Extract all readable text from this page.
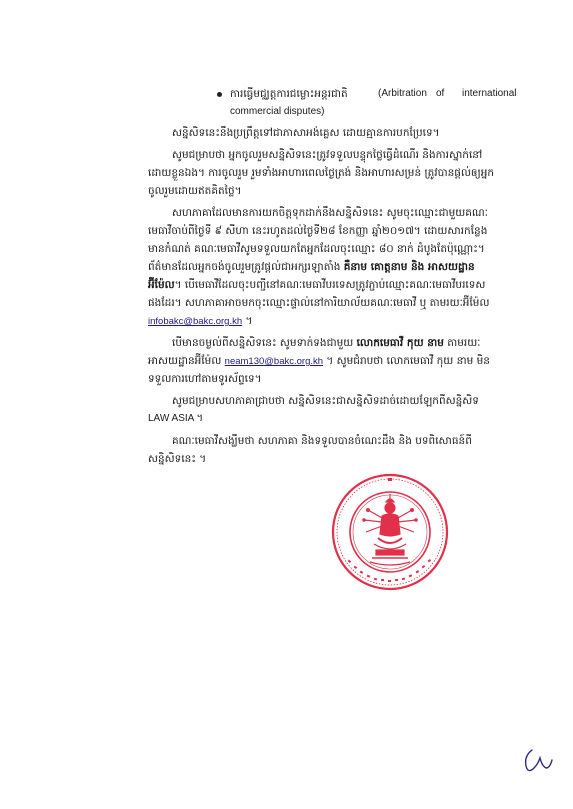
ការធ្វើមជ្ឈត្តការជម្លោះអន្តរជាតិ	(Arbitration of international
commercial disputes)
សន្និសិទនេះនឹងប្រព្រឹត្តទៅជាភាសាអង់គ្លេស ដោយគ្មានការបកប្រែទេ។
សូមជម្រាបថា អ្នកចូលរួមសន្និសិទនេះត្រូវទទួលបន្ទុកថ្លៃធ្វើដំណើរ និងការស្នាក់នៅ
ដោយខ្លួនឯង។ ការចូលរួម រួមទាំងអាហារពេលថ្ងៃត្រង់ និងអាហារសម្រន់ ត្រូវបានផ្តល់ឲ្យអ្នក
ចូលរួមដោយឥតគិតថ្លៃ។
សហភាគាដែលមានការយកចិត្តទុកដាក់នឹងសន្និសិទនេះ សូមចុះឈ្មោះជាមួយគណៈ
មេធាវីចាប់ពីថ្ងៃទី ៩ សីហា នេះរហូតដល់ថ្ងៃទី២៨ ខែកញ្ញា ឆ្នាំ២០១៧។ ដោយសារកន្លែង
មានកំណត់ គណៈមេធាវីសូមទទួលយកតែអ្នកដែលចុះឈ្មោះ ៨០ នាក់ ដំបូងតែប៉ុណ្ណោះ។
ព័ត៌មានដែលអ្នកចង់ចូលរួមត្រូវផ្តល់ជាអក្សរឡាតាំង គឺនាម គោត្តនាម និង អាសយដ្ឋាន
អ៊ីម៉ែល។ បើមេធាវីដែលចុះបញ្ជីនៅគណៈមេធាវីបរទេសត្រូវភ្ជាប់ឈ្មោះគណៈមេធាវីបរទេស
ផងដែរ។ សហភាគាអាចមកចុះឈ្មោះផ្ទាល់នៅការិយាល័យគណៈមេធាវី ឬ តាមរយៈអ៊ីម៉ែល
infobakc@bakc.org.kh ។
បើមានចម្ងល់ពីសន្និសិទនេះ សូមទាក់ទងជាមួយ លោកមេធាវី កុយ នាម តាមរយៈ
អាសយដ្ឋានអ៊ីម៉ែល neam130@bakc.org.kh ។ សូមជំរាបថា លោកមេធាវី កុយ នាម មិន
ទទួលការហៅតាមទូរស័ព្ទទេ។
សូមជម្រាបសហភាគាជ្រាបថា សន្និសិទនេះជាសន្និសិទដាច់ដោយឡែកពីសន្និសិទ
LAW ASIA ។
គណៈមេធាវីសង្ឃឹមថា សហភាគា និងទទួលបានចំណេះដឹង និង បទពិសោធន៍ពី
សន្និសិទនេះ ។
